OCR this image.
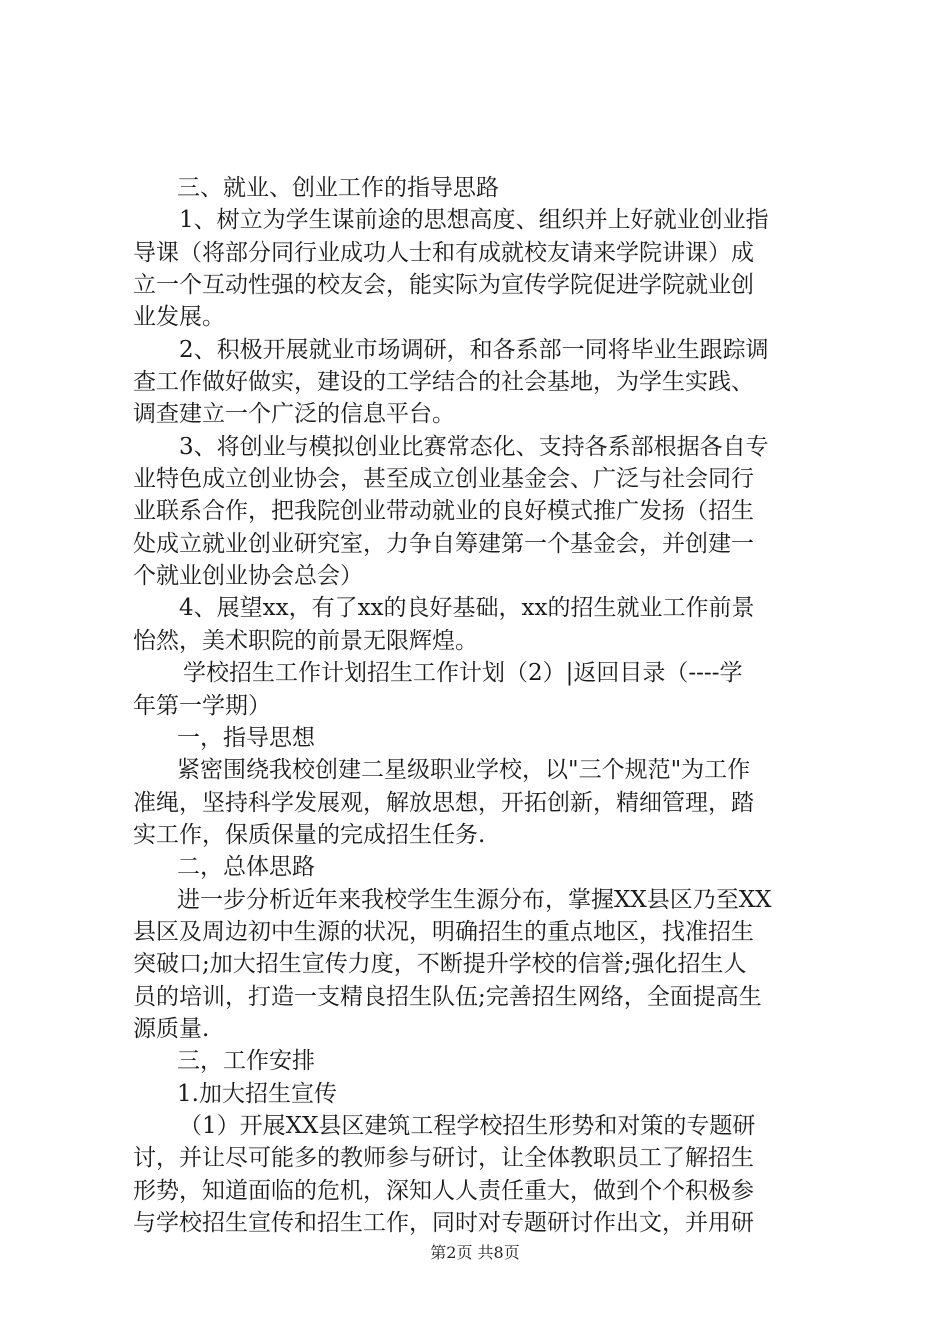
三、就业、创业工作的指导思路
1、树立为学生谋前途的思想高度、组织并上好就业创业指
导课（将部分同行业成功人士和有成就校友请来学院讲课）成
立一个互动性强的校友会，能实际为宣传学院促进学院就业创
业发展。
2、积极开展就业市场调研，和各系部一同将毕业生跟踪调
查工作做好做实，建设的工学结合的社会基地，为学生实践、
调查建立一个广泛的信息平台。
3、将创业与模拟创业比赛常态化、支持各系部根据各自专
业特色成立创业协会，甚至成立创业基金会、广泛与社会同行
业联系合作，把我院创业带动就业的良好模式推广发扬（招生
处成立就业创业研究室，力争自筹建第一个基金会，并创建一
个就业创业协会总会）
4、展望xx，有了xx的良好基础，xx的招生就业工作前景
怡然，美术职院的前景无限辉煌。
学校招生工作计划招生工作计划（2）|返回目录（----学
年第一学期）
一，指导思想
紧密围绕我校创建二星级职业学校，以"三个规范"为工作
准绳，坚持科学发展观，解放思想，开拓创新，精细管理，踏
实工作，保质保量的完成招生任务.
二，总体思路
进一步分析近年来我校学生生源分布，掌握XX县区乃至XX
县区及周边初中生源的状况，明确招生的重点地区，找准招生
突破口;加大招生宣传力度，不断提升学校的信誉;强化招生人
员的培训，打造一支精良招生队伍;完善招生网络，全面提高生
源质量.
三，工作安排
1.加大招生宣传
（1）开展XX县区建筑工程学校招生形势和对策的专题研
讨，并让尽可能多的教师参与研讨，让全体教职员工了解招生
形势，知道面临的危机，深知人人责任重大，做到个个积极参
与学校招生宣传和招生工作，同时对专题研讨作出文，并用研
第2页 共8页
